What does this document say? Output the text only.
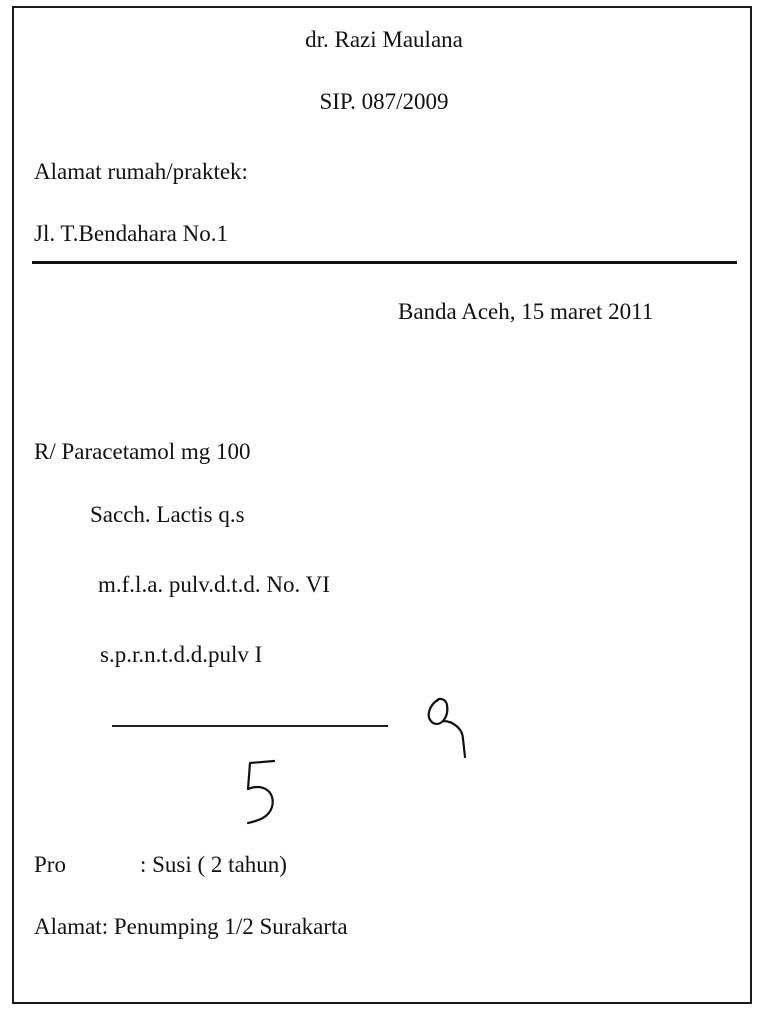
dr. Razi Maulana
SIP. 087/2009
Alamat rumah/praktek:
Jl. T.Bendahara No.1
Banda Aceh, 15 maret 2011
R/ Paracetamol mg 100
Sacch. Lactis q.s
m.f.l.a. pulv.d.t.d. No. VI
s.p.r.n.t.d.d.pulv I
Pro	: Susi ( 2 tahun)
Alamat: Penumping 1/2 Surakarta
